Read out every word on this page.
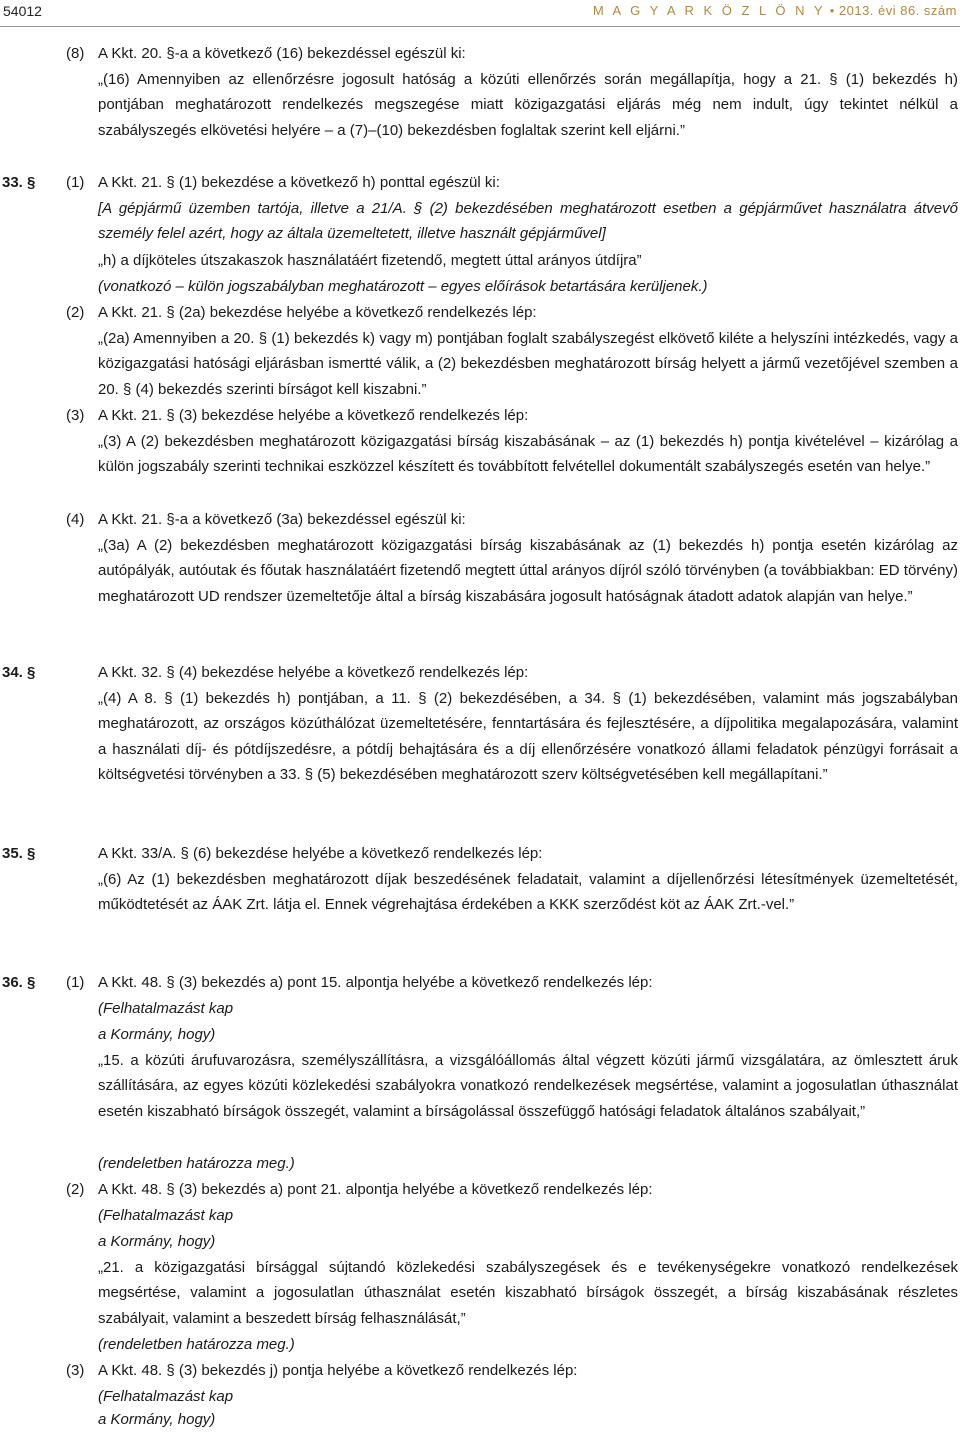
54012	M A G Y A R K Ö Z L Ö N Y • 2013. évi 86. szám
(8) A Kkt. 20. §-a a következő (16) bekezdéssel egészül ki:
„(16) Amennyiben az ellenőrzésre jogosult hatóság a közúti ellenőrzés során megállapítja, hogy a 21. § (1) bekezdés h) pontjában meghatározott rendelkezés megszegése miatt közigazgatási eljárás még nem indult, úgy tekintet nélkül a szabályszegés elkövetési helyére – a (7)–(10) bekezdésben foglaltak szerint kell eljárni.”
33. § (1) A Kkt. 21. § (1) bekezdése a következő h) ponttal egészül ki:
[A gépjármű üzemben tartója, illetve a 21/A. § (2) bekezdésében meghatározott esetben a gépjárművet használatra átvevő személy felel azért, hogy az általa üzemeltetett, illetve használt gépjárművel]
„h) a díjköteles útszakaszok használatáért fizetendő, megtett úttal arányos útdíjra”
(vonatkozó – külön jogszabályban meghatározott – egyes előírások betartására kerüljenek.)
(2) A Kkt. 21. § (2a) bekezdése helyébe a következő rendelkezés lép:
„(2a) Amennyiben a 20. § (1) bekezdés k) vagy m) pontjában foglalt szabályszegést elkövető kiléte a helyszíni intézkedés, vagy a közigazgatási hatósági eljárásban ismertté válik, a (2) bekezdésben meghatározott bírság helyett a jármű vezetőjével szemben a 20. § (4) bekezdés szerinti bírságot kell kiszabni.”
(3) A Kkt. 21. § (3) bekezdése helyébe a következő rendelkezés lép:
„(3) A (2) bekezdésben meghatározott közigazgatási bírság kiszabásának – az (1) bekezdés h) pontja kivételével – kizárólag a külön jogszabály szerinti technikai eszközzel készített és továbbított felvétellel dokumentált szabályszegés esetén van helye.”
(4) A Kkt. 21. §-a a következő (3a) bekezdéssel egészül ki:
„(3a) A (2) bekezdésben meghatározott közigazgatási bírság kiszabásának az (1) bekezdés h) pontja esetén kizárólag az autópályák, autóutak és főutak használatáért fizetendő megtett úttal arányos díjról szóló törvényben (a továbbiakban: ED törvény) meghatározott UD rendszer üzemeltetője által a bírság kiszabására jogosult hatóságnak átadott adatok alapján van helye.”
34. §	A Kkt. 32. § (4) bekezdése helyébe a következő rendelkezés lép:
„(4) A 8. § (1) bekezdés h) pontjában, a 11. § (2) bekezdésében, a 34. § (1) bekezdésében, valamint más jogszabályban meghatározott, az országos közúthálózat üzemeltetésére, fenntartására és fejlesztésére, a díjpolitika megalapozására, valamint a használati díj- és pótdíjszedésre, a pótdíj behajtására és a díj ellenőrzésére vonatkozó állami feladatok pénzügyi forrásait a költségvetési törvényben a 33. § (5) bekezdésében meghatározott szerv költségvetésében kell megállapítani.”
35. §	A Kkt. 33/A. § (6) bekezdése helyébe a következő rendelkezés lép:
„(6) Az (1) bekezdésben meghatározott díjak beszedésének feladatait, valamint a díjellenőrzési létesítmények üzemeltetését, működtetését az ÁAK Zrt. látja el. Ennek végrehajtása érdekében a KKK szerződést köt az ÁAK Zrt.-vel.”
36. § (1) A Kkt. 48. § (3) bekezdés a) pont 15. alpontja helyébe a következő rendelkezés lép:
(Felhatalmazást kap
a Kormány, hogy)
„15. a közúti árufuvarozásra, személyszállításra, a vizsgálóállomás által végzett közúti jármű vizsgálatára, az ömlesztett áruk szállítására, az egyes közúti közlekedési szabályokra vonatkozó rendelkezések megsértése, valamint a jogosulatlan úthasználat esetén kiszabható bírságok összegét, valamint a bírságolással összefüggő hatósági feladatok általános szabályait,”
(rendeletben határozza meg.)
(2) A Kkt. 48. § (3) bekezdés a) pont 21. alpontja helyébe a következő rendelkezés lép:
(Felhatalmazást kap
a Kormány, hogy)
„21. a közigazgatási bírsággal sújtandó közlekedési szabályszegések és e tevékenységekre vonatkozó rendelkezések megsértése, valamint a jogosulatlan úthasználat esetén kiszabható bírságok összegét, a bírság kiszabásának részletes szabályait, valamint a beszedett bírság felhasználását,”
(rendeletben határozza meg.)
(3) A Kkt. 48. § (3) bekezdés j) pontja helyébe a következő rendelkezés lép:
(Felhatalmazást kap
a Kormány, hogy)
